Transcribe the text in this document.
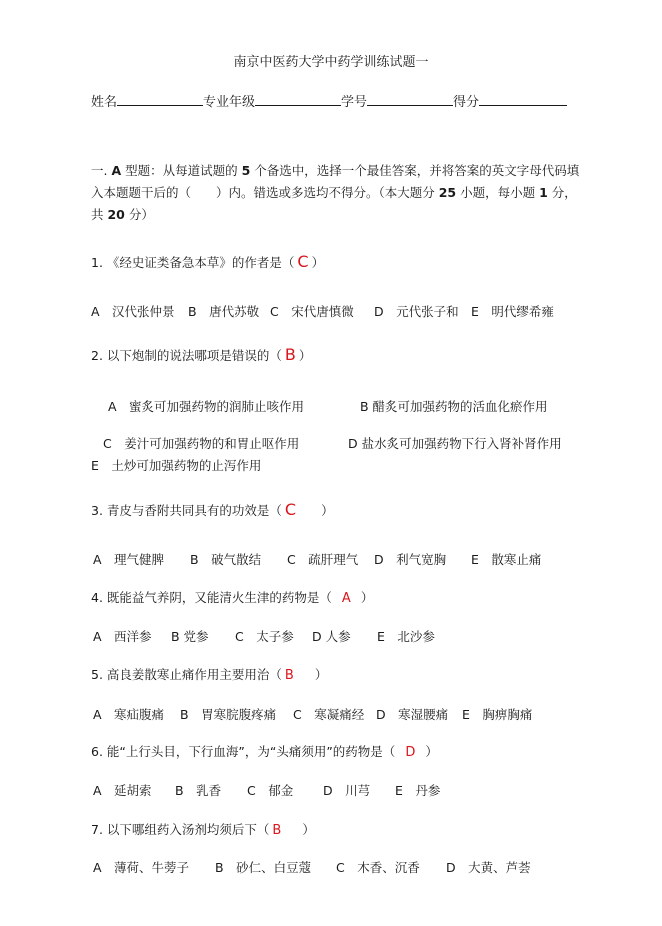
南京中医药大学中药学训练试题一
姓名	专业年级	学号	得分
一. A 型题：从每道试题的 5 个备选中，选择一个最佳答案，并将答案的英文字母代码填入本题题干后的（　　）内。错选或多选均不得分。（本大题分 25 小题，每小题 1 分，共 20 分）
1. 《经史证类备急本草》的作者是（ C ）
A　汉代张仲景 B　唐代苏敬 C　宋代唐慎微 D　元代张子和 E　明代缪希雍
2. 以下炮制的说法哪项是错误的（ B ）
A　蜜炙可加强药物的润肺止咳作用	B 醋炙可加强药物的活血化瘀作用
C　姜汁可加强药物的和胃止呕作用	D 盐水炙可加强药物下行入肾补肾作用
E　土炒可加强药物的止泻作用
3. 青皮与香附共同具有的功效是（ C ）
A　理气健脾 B　破气散结 C　疏肝理气 D　利气宽胸 E　散寒止痛
4. 既能益气养阴，又能清火生津的药物是（ A ）
A　西洋参 B 党参 C　太子参 D 人参 E　北沙参
5. 高良姜散寒止痛作用主要用治（ B ）
A　寒疝腹痛 B　胃寒脘腹疼痛 C　寒凝痛经 D　寒湿腰痛 E　胸痹胸痛
6. 能“上行头目，下行血海”，为“头痛须用”的药物是（ D ）
A　延胡索 B　乳香 C　郁金 D　川芎 E　丹参
7. 以下哪组药入汤剂均须后下（ B ）
A　薄荷、牛蒡子 B　砂仁、白豆蔻 C　木香、沉香 D　大黄、芦荟
